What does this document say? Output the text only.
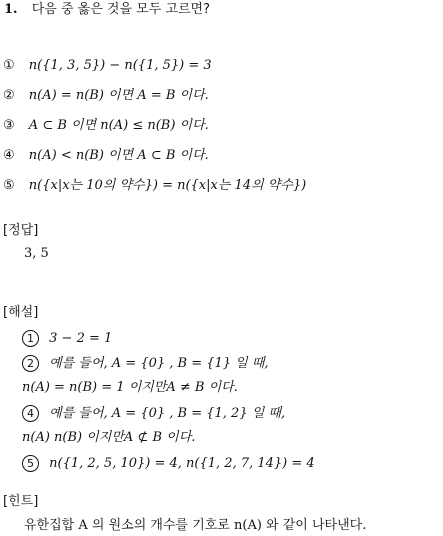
1. 다음 중 옳은 것을 모두 고르면?
① n({1, 3, 5}) − n({1, 5}) = 3
② n(A) = n(B) 이면 A = B 이다.
③ A ⊂ B 이면 n(A) ≤ n(B) 이다.
④ n(A) < n(B) 이면 A ⊂ B 이다.
⑤ n({x|x는 10의 약수}) = n({x|x는 14의 약수})
[정답]
3, 5
[해설]
1 3 − 2 = 1
2 예를 들어, A = {0} , B = {1} 일 때,
n(A) = n(B) = 1 이지만A ≠ B 이다.
4 예를 들어, A = {0} , B = {1, 2} 일 때,
n(A) n(B) 이지만A ⊄ B 이다.
5 n({1, 2, 5, 10}) = 4, n({1, 2, 7, 14}) = 4
[힌트]
유한집합 A 의 원소의 개수를 기호로 n(A) 와 같이 나타낸다.
